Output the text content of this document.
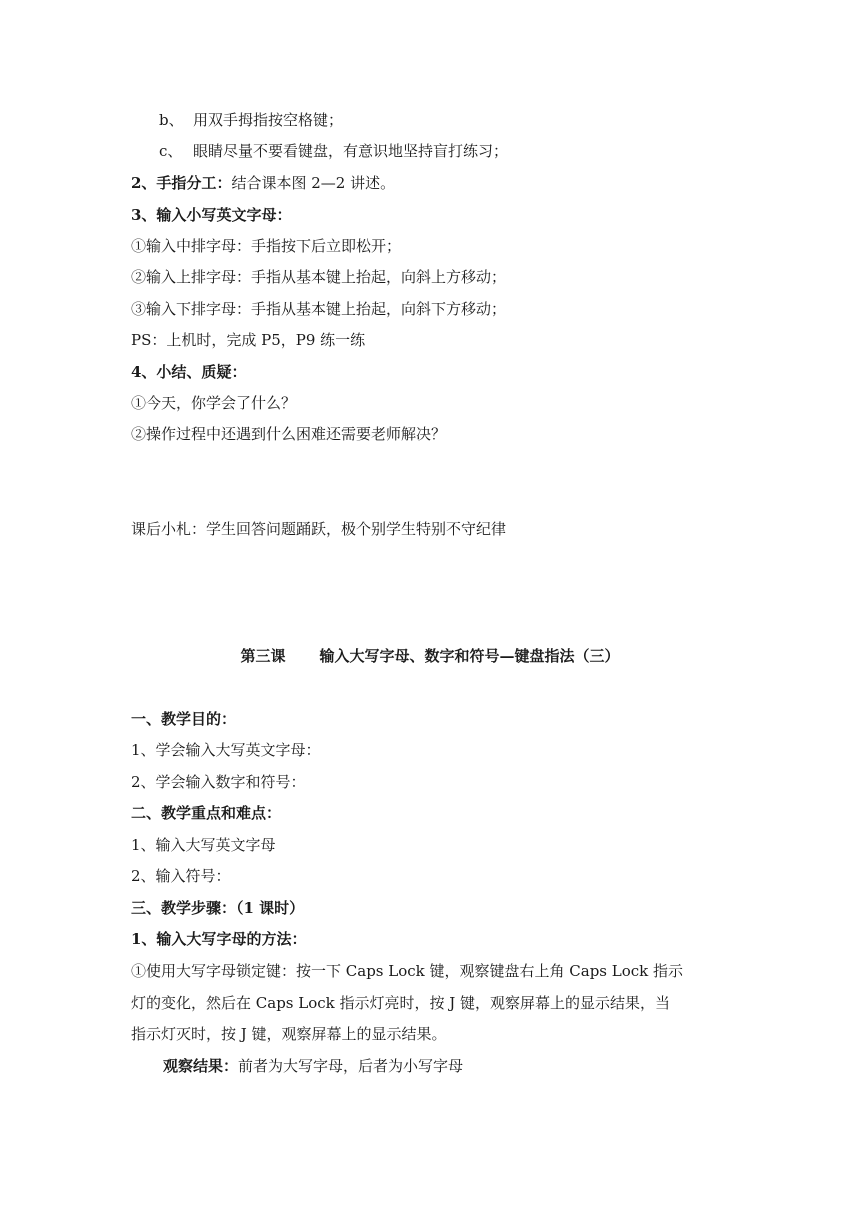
b、 用双手拇指按空格键；
c、 眼睛尽量不要看键盘，有意识地坚持盲打练习；
2、手指分工：结合课本图 2—2 讲述。
3、输入小写英文字母：
①输入中排字母：手指按下后立即松开；
②输入上排字母：手指从基本键上抬起，向斜上方移动；
③输入下排字母：手指从基本键上抬起，向斜下方移动；
PS：上机时，完成 P5，P9 练一练
4、小结、质疑：
①今天，你学会了什么？
②操作过程中还遇到什么困难还需要老师解决？
课后小札：学生回答问题踊跃，极个别学生特别不守纪律
第三课 输入大写字母、数字和符号—键盘指法（三）
一、教学目的：
1、学会输入大写英文字母：
2、学会输入数字和符号：
二、教学重点和难点：
1、输入大写英文字母
2、输入符号：
三、教学步骤：（1 课时）
1、输入大写字母的方法：
①使用大写字母锁定键：按一下 Caps Lock 键，观察键盘右上角 Caps Lock 指示
灯的变化，然后在 Caps Lock 指示灯亮时，按 J 键，观察屏幕上的显示结果，当
指示灯灭时，按 J 键，观察屏幕上的显示结果。
观察结果：前者为大写字母，后者为小写字母
